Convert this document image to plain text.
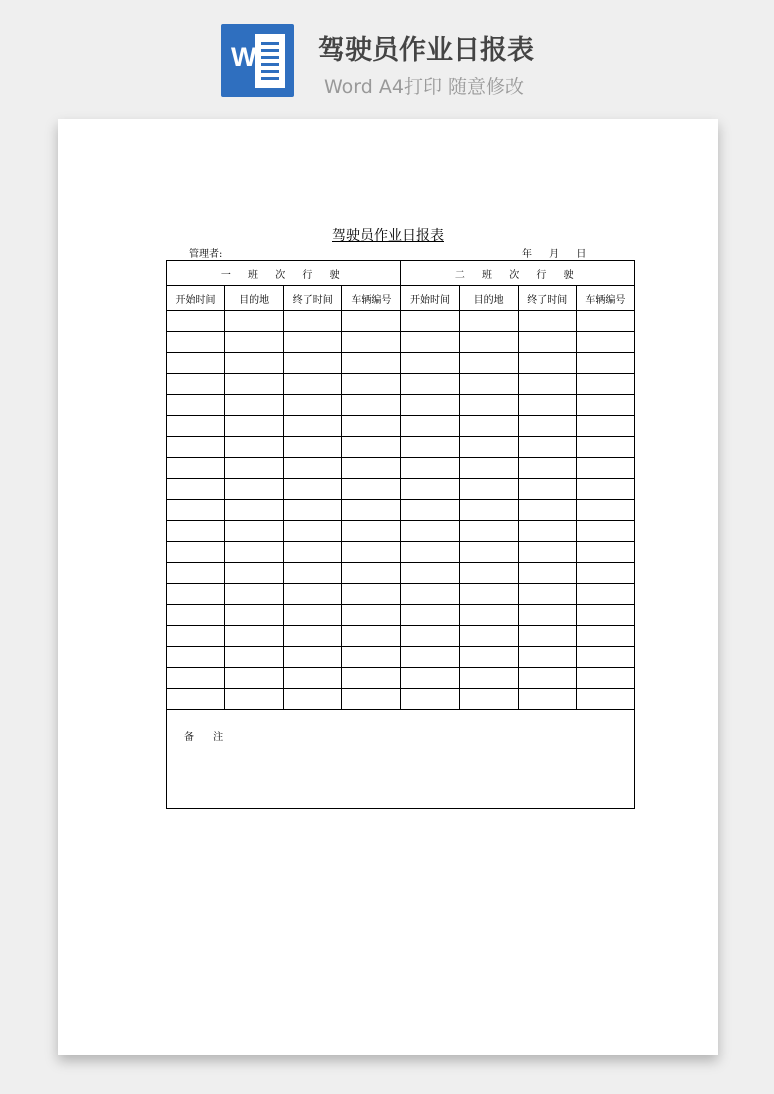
W 驾驶员作业日报表
Word A4打印 随意修改
驾驶员作业日报表
管理者:	年 月 日
一 班 次 行 驶				二 班 次 行 驶			
开始时间	目的地	终了时间	车辆编号	开始时间	目的地	终了时间	车辆编号

备 注							
